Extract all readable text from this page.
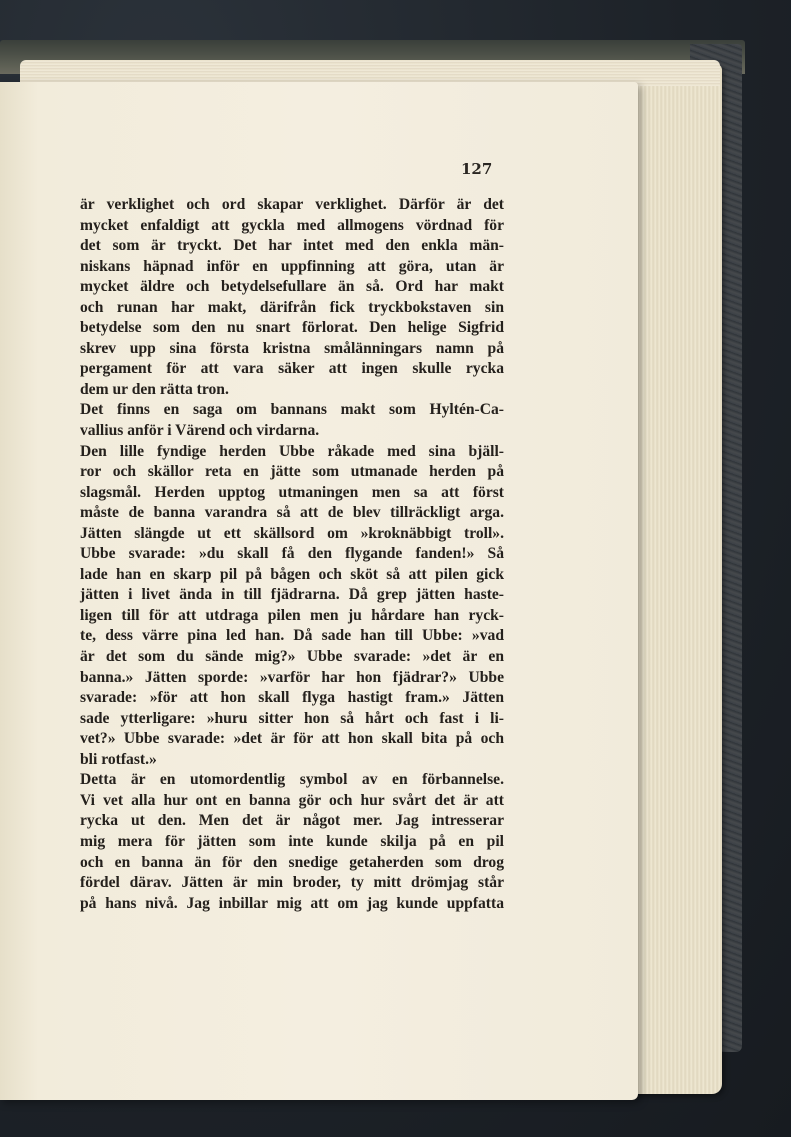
127
är verklighet och ord skapar verklighet. Därför är det
mycket enfaldigt att gyckla med allmogens vördnad för
det som är tryckt. Det har intet med den enkla män-
niskans häpnad inför en uppfinning att göra, utan är
mycket äldre och betydelsefullare än så. Ord har makt
och runan har makt, därifrån fick tryckbokstaven sin
betydelse som den nu snart förlorat. Den helige Sigfrid
skrev upp sina första kristna smålänningars namn på
pergament för att vara säker att ingen skulle rycka
dem ur den rätta tron.
Det finns en saga om bannans makt som Hyltén-Ca-
vallius anför i Värend och virdarna.
Den lille fyndige herden Ubbe råkade med sina bjäll-
ror och skällor reta en jätte som utmanade herden på
slagsmål. Herden upptog utmaningen men sa att först
måste de banna varandra så att de blev tillräckligt arga.
Jätten slängde ut ett skällsord om »kroknäbbigt troll».
Ubbe svarade: »du skall få den flygande fanden!» Så
lade han en skarp pil på bågen och sköt så att pilen gick
jätten i livet ända in till fjädrarna. Då grep jätten haste-
ligen till för att utdraga pilen men ju hårdare han ryck-
te, dess värre pina led han. Då sade han till Ubbe: »vad
är det som du sände mig?» Ubbe svarade: »det är en
banna.» Jätten sporde: »varför har hon fjädrar?» Ubbe
svarade: »för att hon skall flyga hastigt fram.» Jätten
sade ytterligare: »huru sitter hon så hårt och fast i li-
vet?» Ubbe svarade: »det är för att hon skall bita på och
bli rotfast.»
Detta är en utomordentlig symbol av en förbannelse.
Vi vet alla hur ont en banna gör och hur svårt det är att
rycka ut den. Men det är något mer. Jag intresserar
mig mera för jätten som inte kunde skilja på en pil
och en banna än för den snedige getaherden som drog
fördel därav. Jätten är min broder, ty mitt drömjag står
på hans nivå. Jag inbillar mig att om jag kunde uppfatta
